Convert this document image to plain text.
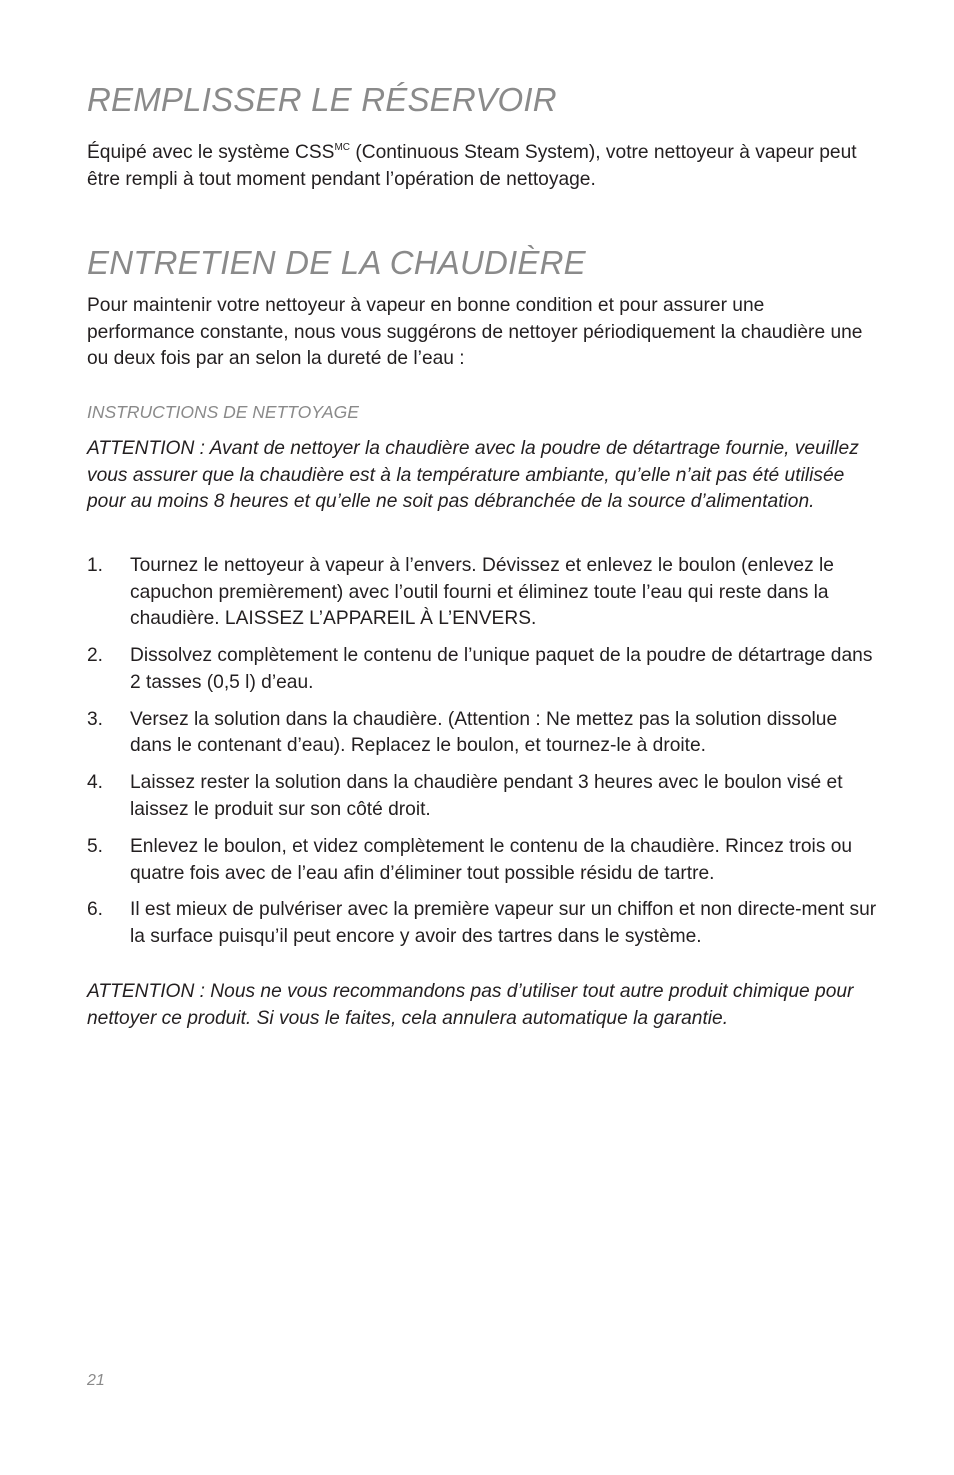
REMPLISSER LE RÉSERVOIR

Équipé avec le système $CSS^{MC}$ (Continuous Steam System), votre nettoyeur à vapeur peut être rempli à tout moment pendant l’opération de nettoyage.

ENTRETIEN DE LA CHAUDIÈRE

Pour maintenir votre nettoyeur à vapeur en bonne condition et pour assurer une performance constante, nous vous suggérons de nettoyer périodiquement la chaudière une ou deux fois par an selon la dureté de l’eau :

INSTRUCTIONS DE NETTOYAGE

ATTENTION : Avant de nettoyer la chaudière avec la poudre de détartrage fournie, veuillez vous assurer que la chaudière est à la température ambiante, qu’elle n’ait pas été utilisée pour au moins 8 heures et qu’elle ne soit pas débranchée de la source d’alimentation.

1. Tournez le nettoyeur à vapeur à l’envers. Dévissez et enlevez le boulon (enlevez le capuchon premièrement) avec l’outil fourni et éliminez toute l’eau qui reste dans la chaudière. LAISSEZ L’APPAREIL À L’ENVERS.
2. Dissolvez complètement le contenu de l’unique paquet de la poudre de détartrage dans 2 tasses (0,5 l) d’eau.
3. Versez la solution dans la chaudière. (Attention : Ne mettez pas la solution dissolue dans le contenant d’eau). Replacez le boulon, et tournez-le à droite.
4. Laissez rester la solution dans la chaudière pendant 3 heures avec le boulon visé et laissez le produit sur son côté droit.
5. Enlevez le boulon, et videz complètement le contenu de la chaudière. Rincez trois ou quatre fois avec de l’eau afin d’éliminer tout possible résidu de tartre.
6. Il est mieux de pulvériser avec la première vapeur sur un chiffon et non directe-ment sur la surface puisqu’il peut encore y avoir des tartres dans le système.

ATTENTION : Nous ne vous recommandons pas d’utiliser tout autre produit chimique pour nettoyer ce produit. Si vous le faites, cela annulera automatique la garantie.

21
